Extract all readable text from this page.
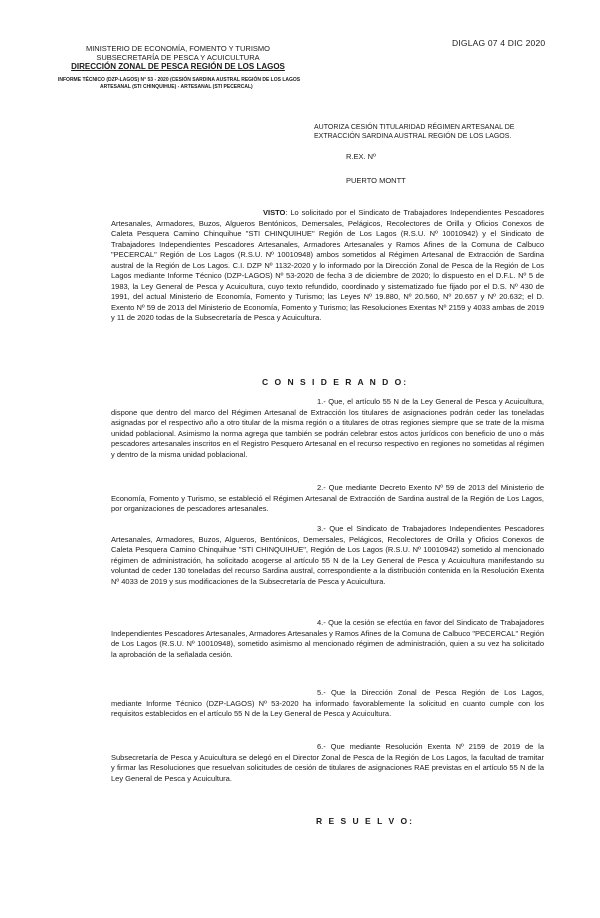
MINISTERIO DE ECONOMÍA, FOMENTO Y TURISMO
SUBSECRETARÍA DE PESCA Y ACUICULTURA
DIRECCIÓN ZONAL DE PESCA REGIÓN DE LOS LAGOS
INFORME TÉCNICO (DZP-LAGOS) N° 53 - 2020 (CESIÓN SARDINA AUSTRAL REGIÓN DE LOS LAGOS
ARTESANAL (STI CHINQUIHUE) - ARTESANAL (STI PECERCAL)
DIGLAG 07 4 DIC 2020
AUTORIZA CESIÓN TITULARIDAD RÉGIMEN ARTESANAL DE EXTRACCIÓN SARDINA AUSTRAL REGIÓN DE LOS LAGOS.
R.EX. Nº
PUERTO MONTT
VISTO: Lo solicitado por el Sindicato de Trabajadores Independientes Pescadores Artesanales, Armadores, Buzos, Algueros Bentónicos, Demersales, Pelágicos, Recolectores de Orilla y Oficios Conexos de Caleta Pesquera Camino Chinquihue "STI CHINQUIHUE" Región de Los Lagos (R.S.U. Nº 10010942) y el Sindicato de Trabajadores Independientes Pescadores Artesanales, Armadores Artesanales y Ramos Afines de la Comuna de Calbuco "PECERCAL" Región de Los Lagos (R.S.U. Nº 10010948) ambos sometidos al Régimen Artesanal de Extracción de Sardina austral de la Región de Los Lagos. C.I. DZP Nº 1132-2020 y lo informado por la Dirección Zonal de Pesca de la Región de Los Lagos mediante Informe Técnico (DZP-LAGOS) Nº 53-2020 de fecha 3 de diciembre de 2020; lo dispuesto en el D.F.L. Nº 5 de 1983, la Ley General de Pesca y Acuicultura, cuyo texto refundido, coordinado y sistematizado fue fijado por el D.S. Nº 430 de 1991, del actual Ministerio de Economía, Fomento y Turismo; las Leyes Nº 19.880, Nº 20.560, Nº 20.657 y Nº 20.632; el D. Exento Nº 59 de 2013 del Ministerio de Economía, Fomento y Turismo; las Resoluciones Exentas Nº 2159 y 4033 ambas de 2019 y 11 de 2020 todas de la Subsecretaría de Pesca y Acuicultura.
C O N S I D E R A N D O:
1.- Que, el artículo 55 N de la Ley General de Pesca y Acuicultura, dispone que dentro del marco del Régimen Artesanal de Extracción los titulares de asignaciones podrán ceder las toneladas asignadas por el respectivo año a otro titular de la misma región o a titulares de otras regiones siempre que se trate de la misma unidad poblacional. Asimismo la norma agrega que también se podrán celebrar estos actos jurídicos con beneficio de uno o más pescadores artesanales inscritos en el Registro Pesquero Artesanal en el recurso respectivo en regiones no sometidas al régimen y dentro de la misma unidad poblacional.
2.- Que mediante Decreto Exento Nº 59 de 2013 del Ministerio de Economía, Fomento y Turismo, se estableció el Régimen Artesanal de Extracción de Sardina austral de la Región de Los Lagos, por organizaciones de pescadores artesanales.
3.- Que el Sindicato de Trabajadores Independientes Pescadores Artesanales, Armadores, Buzos, Algueros, Bentónicos, Demersales, Pelágicos, Recolectores de Orilla y Oficios Conexos de Caleta Pesquera Camino Chinquihue "STI CHINQUIHUE", Región de Los Lagos (R.S.U. Nº 10010942) sometido al mencionado régimen de administración, ha solicitado acogerse al artículo 55 N de la Ley General de Pesca y Acuicultura manifestando su voluntad de ceder 130 toneladas del recurso Sardina austral, correspondiente a la distribución contenida en la Resolución Exenta Nº 4033 de 2019 y sus modificaciones de la Subsecretaría de Pesca y Acuicultura.
4.- Que la cesión se efectúa en favor del Sindicato de Trabajadores Independientes Pescadores Artesanales, Armadores Artesanales y Ramos Afines de la Comuna de Calbuco "PECERCAL" Región de Los Lagos (R.S.U. Nº 10010948), sometido asimismo al mencionado régimen de administración, quien a su vez ha solicitado la aprobación de la señalada cesión.
5.- Que la Dirección Zonal de Pesca Región de Los Lagos, mediante Informe Técnico (DZP-LAGOS) Nº 53-2020 ha informado favorablemente la solicitud en cuanto cumple con los requisitos establecidos en el artículo 55 N de la Ley General de Pesca y Acuicultura.
6.- Que mediante Resolución Exenta Nº 2159 de 2019 de la Subsecretaría de Pesca y Acuicultura se delegó en el Director Zonal de Pesca de la Región de Los Lagos, la facultad de tramitar y firmar las Resoluciones que resuelvan solicitudes de cesión de titulares de asignaciones RAE previstas en el artículo 55 N de la Ley General de Pesca y Acuicultura.
R E S U E L V O:
